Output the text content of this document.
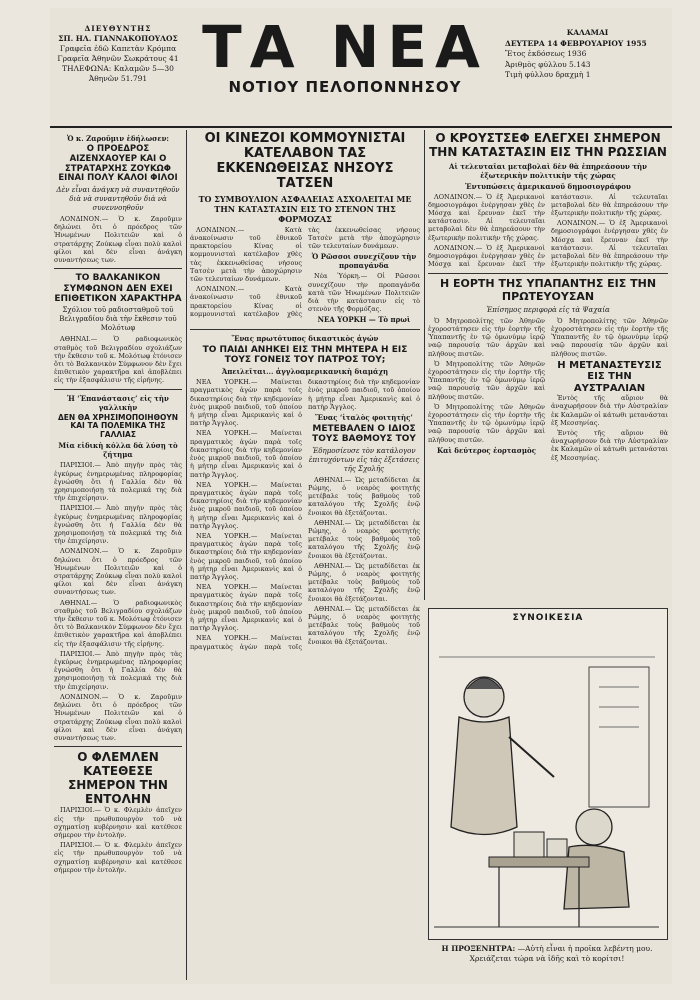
ΔΙΕΥΘΥΝΤΗΣ
ΣΠ. ΗΛ. ΓΙΑΝΝΑΚΟΠΟΥΛΟΣ
Γραφεῖα ἐδῶ Καπετὰν Κρόμπα
Γραφεῖα Ἀθηνῶν Σωκράτους 41
ΤΗΛΕΦΩΝΑ: Καλαμῶν 5—30
Ἀθηνῶν 51.791 ΤΑ ΝΕΑ
ΝΟΤΙΟΥ ΠΕΛΟΠΟΝΝΗΣΟΥ
ΚΑΛΑΜΑΙ
ΔΕΥΤΕΡΑ 14 ΦΕΒΡΟΥΑΡΙΟΥ 1955
Ἔτος ἐκδόσεως 1936
Ἀριθμὸς φύλλου 5.143
Τιμὴ φύλλου δραχμὴ 1
Ὁ κ. Ζαροῦμιν ἐδήλωσεν:
Ο ΠΡΟΕΔΡΟΣ ΑΙΖΕΝΧΑΟΥΕΡ ΚΑΙ Ο ΣΤΡΑΤΑΡΧΗΣ ΖΟΥΚΩΦ ΕΙΝΑΙ ΠΟΛΥ ΚΑΛΟΙ ΦΙΛΟΙ
Δὲν εἶναι ἀνάγκη νὰ συναντηθοῦν διὰ νὰ συναντηθοῦν διὰ νὰ συνεννοηθοῦν

ΛΟΝΔΙΝΟΝ.— Ὁ κ. Ζαροῦμιν δηλώνει ὅτι ὁ πρόεδρος τῶν Ἡνωμένων Πολιτειῶν καὶ ὁ στρατάρχης Ζούκωφ εἶναι πολὺ καλοὶ φίλοι καὶ δὲν εἶναι ἀνάγκη συναντήσεως των.

ΤΟ ΒΑΛΚΑΝΙΚΟΝ ΣΥΜΦΩΝΟΝ ΔΕΝ ΕΧΕΙ ΕΠΙΘΕΤΙΚΟΝ ΧΑΡΑΚΤΗΡΑ
Σχόλιον τοῦ ραδιοσταθμοῦ τοῦ Βελιγραδίου διὰ τὴν ἔκθεσιν τοῦ Μολότωφ

ΑΘΗΝΑΙ.— Ὁ ραδιοφωνικὸς σταθμὸς τοῦ Βελιγραδίου σχολιάζων τὴν ἔκθεσιν τοῦ κ. Μολότωφ ἐτόνισεν ὅτι τὸ Βαλκανικὸν Σύμφωνον δὲν ἔχει ἐπιθετικὸν χαρακτῆρα καὶ ἀποβλέπει εἰς τὴν ἐξασφάλισιν τῆς εἰρήνης.

Ἡ ‘Ἐπανάστασις’ εἰς τὴν γαλλικὴν
ΔΕΝ ΘΑ ΧΡΗΣΙΜΟΠΟΙΗΘΟΥΝ ΚΑΙ ΤΑ ΠΟΛΕΜΙΚΑ ΤΗΣ ΓΑΛΛΙΑΣ
Μία εἰδικὴ κόλλα δὰ λύσῃ τὸ ζήτημα

ΠΑΡΙΣΙΟΙ.— Ἀπὸ πηγὴν πρὸς τὰς ἐγκύρως ἐνημερωμένας πληροφορίας ἐγνώσθη ὅτι ἡ Γαλλία δὲν θὰ χρησιμοποιήσῃ τὰ πολεμικά της διὰ τὴν ἐπιχείρησιν.

ΠΑΡΙΣΙΟΙ.— Ἀπὸ πηγὴν πρὸς τὰς ἐγκύρως ἐνημερωμένας πληροφορίας ἐγνώσθη ὅτι ἡ Γαλλία δὲν θὰ χρησιμοποιήσῃ τὰ πολεμικά της διὰ τὴν ἐπιχείρησιν.

ΛΟΝΔΙΝΟΝ.— Ὁ κ. Ζαροῦμιν δηλώνει ὅτι ὁ πρόεδρος τῶν Ἡνωμένων Πολιτειῶν καὶ ὁ στρατάρχης Ζούκωφ εἶναι πολὺ καλοὶ φίλοι καὶ δὲν εἶναι ἀνάγκη συναντήσεως των.

ΑΘΗΝΑΙ.— Ὁ ραδιοφωνικὸς σταθμὸς τοῦ Βελιγραδίου σχολιάζων τὴν ἔκθεσιν τοῦ κ. Μολότωφ ἐτόνισεν ὅτι τὸ Βαλκανικὸν Σύμφωνον δὲν ἔχει ἐπιθετικὸν χαρακτῆρα καὶ ἀποβλέπει εἰς τὴν ἐξασφάλισιν τῆς εἰρήνης.

ΠΑΡΙΣΙΟΙ.— Ἀπὸ πηγὴν πρὸς τὰς ἐγκύρως ἐνημερωμένας πληροφορίας ἐγνώσθη ὅτι ἡ Γαλλία δὲν θὰ χρησιμοποιήσῃ τὰ πολεμικά της διὰ τὴν ἐπιχείρησιν.

ΛΟΝΔΙΝΟΝ.— Ὁ κ. Ζαροῦμιν δηλώνει ὅτι ὁ πρόεδρος τῶν Ἡνωμένων Πολιτειῶν καὶ ὁ στρατάρχης Ζούκωφ εἶναι πολὺ καλοὶ φίλοι καὶ δὲν εἶναι ἀνάγκη συναντήσεως των.

Ο ΦΛΕΜΛΕΝ ΚΑΤΕΘΕΣΕ ΣΗΜΕΡΟΝ ΤΗΝ ΕΝΤΟΛΗΝ

ΠΑΡΙΣΙΟΙ.— Ὁ κ. Φλεμλὲν ἀπεῖχεν εἰς τὴν πρωθυπουργὸν τοῦ νὰ σχηματίσῃ κυβέρνησιν καὶ κατέθεσε σήμερον τὴν ἐντολήν.

ΠΑΡΙΣΙΟΙ.— Ὁ κ. Φλεμλὲν ἀπεῖχεν εἰς τὴν πρωθυπουργὸν τοῦ νὰ σχηματίσῃ κυβέρνησιν καὶ κατέθεσε σήμερον τὴν ἐντολήν.

ΟΙ ΚΙΝΕΖΟΙ ΚΟΜΜΟΥΝΙΣΤΑΙ ΚΑΤΕΛΑΒΟΝ ΤΑΣ ΕΚΚΕΝΩΘΕΙΣΑΣ ΝΗΣΟΥΣ ΤΑΤΣΕΝ
ΤΟ ΣΥΜΒΟΥΛΙΟΝ ΑΣΦΑΛΕΙΑΣ ΑΣΧΟΛΕΙΤΑΙ ΜΕ ΤΗΝ ΚΑΤΑΣΤΑΣΙΝ ΕΙΣ ΤΟ ΣΤΕΝΟΝ ΤΗΣ ΦΟΡΜΟΖΑΣ

ΛΟΝΔΙΝΟΝ.— Κατὰ ἀνακοίνωσιν τοῦ ἐθνικοῦ πρακτορείου Κίνας οἱ κομμουνισταὶ κατέλαβον χθὲς τὰς ἐκκενωθείσας νήσους Τατσὲν μετὰ τὴν ἀποχώρησιν τῶν τελευταίων δυνάμεων.

ΛΟΝΔΙΝΟΝ.— Κατὰ ἀνακοίνωσιν τοῦ ἐθνικοῦ πρακτορείου Κίνας οἱ κομμουνισταὶ κατέλαβον χθὲς τὰς ἐκκενωθείσας νήσους Τατσὲν μετὰ τὴν ἀποχώρησιν τῶν τελευταίων δυνάμεων.

Ὁ Ρῶσσοι συνεχίζουν τὴν προπαγάνδα

Νέα Ὑόρκη.— Οἱ Ρῶσσοι συνεχίζουν τὴν προπαγάνδα κατὰ τῶν Ἡνωμένων Πολιτειῶν διὰ τὴν κατάστασιν εἰς τὸ στενὸν τῆς Φορμόζας.

ΝΕΑ ΥΟΡΚΗ — Τὸ πρωὶ
Ἕνας πρωτότυπος δικαστικὸς ἀγών
ΤΟ ΠΑΙΔΙ ΑΝΗΚΕΙ ΕΙΣ ΤΗΝ ΜΗΤΕΡΑ Η ΕΙΣ ΤΟΥΣ ΓΟΝΕΙΣ ΤΟΥ ΠΑΤΡΟΣ ΤΟΥ;
Ἀπειλεῖται... ἀγγλοαμερικανικὴ διαμάχη

ΝΕΑ ΥΟΡΚΗ.— Μαίνεται πραγματικὸς ἀγὼν παρὰ τοῖς δικαστηρίοις διὰ τὴν κηδεμονίαν ἑνὸς μικροῦ παιδιοῦ, τοῦ ὁποίου ἡ μήτηρ εἶναι Ἀμερικανὶς καὶ ὁ πατὴρ Ἄγγλος.

ΝΕΑ ΥΟΡΚΗ.— Μαίνεται πραγματικὸς ἀγὼν παρὰ τοῖς δικαστηρίοις διὰ τὴν κηδεμονίαν ἑνὸς μικροῦ παιδιοῦ, τοῦ ὁποίου ἡ μήτηρ εἶναι Ἀμερικανὶς καὶ ὁ πατὴρ Ἄγγλος.

ΝΕΑ ΥΟΡΚΗ.— Μαίνεται πραγματικὸς ἀγὼν παρὰ τοῖς δικαστηρίοις διὰ τὴν κηδεμονίαν ἑνὸς μικροῦ παιδιοῦ, τοῦ ὁποίου ἡ μήτηρ εἶναι Ἀμερικανὶς καὶ ὁ πατὴρ Ἄγγλος.

ΝΕΑ ΥΟΡΚΗ.— Μαίνεται πραγματικὸς ἀγὼν παρὰ τοῖς δικαστηρίοις διὰ τὴν κηδεμονίαν ἑνὸς μικροῦ παιδιοῦ, τοῦ ὁποίου ἡ μήτηρ εἶναι Ἀμερικανὶς καὶ ὁ πατὴρ Ἄγγλος.

ΝΕΑ ΥΟΡΚΗ.— Μαίνεται πραγματικὸς ἀγὼν παρὰ τοῖς δικαστηρίοις διὰ τὴν κηδεμονίαν ἑνὸς μικροῦ παιδιοῦ, τοῦ ὁποίου ἡ μήτηρ εἶναι Ἀμερικανὶς καὶ ὁ πατὴρ Ἄγγλος.

ΝΕΑ ΥΟΡΚΗ.— Μαίνεται πραγματικὸς ἀγὼν παρὰ τοῖς δικαστηρίοις διὰ τὴν κηδεμονίαν ἑνὸς μικροῦ παιδιοῦ, τοῦ ὁποίου ἡ μήτηρ εἶναι Ἀμερικανὶς καὶ ὁ πατὴρ Ἄγγλος.

Ἕνας ‘ἰταλὸς φοιτητὴς’
ΜΕΤΕΒΑΛΕΝ Ο ΙΔΙΟΣ ΤΟΥΣ ΒΑΘΜΟΥΣ ΤΟΥ
Ἐδημοσίευσε τὸν κατάλογον ἐπιτυχόντων εἰς τὰς ἐξετάσεις τῆς Σχολῆς

ΑΘΗΝΑΙ.— Ὡς μεταδίδεται ἐκ Ρώμης, ὁ νεαρὸς φοιτητὴς μετέβαλε τοὺς βαθμοὺς τοῦ καταλόγου τῆς Σχολῆς ἐνῷ ἔνοικοι θὰ ἐξετάζονται.

ΑΘΗΝΑΙ.— Ὡς μεταδίδεται ἐκ Ρώμης, ὁ νεαρὸς φοιτητὴς μετέβαλε τοὺς βαθμοὺς τοῦ καταλόγου τῆς Σχολῆς ἐνῷ ἔνοικοι θὰ ἐξετάζονται.

ΑΘΗΝΑΙ.— Ὡς μεταδίδεται ἐκ Ρώμης, ὁ νεαρὸς φοιτητὴς μετέβαλε τοὺς βαθμοὺς τοῦ καταλόγου τῆς Σχολῆς ἐνῷ ἔνοικοι θὰ ἐξετάζονται.

ΑΘΗΝΑΙ.— Ὡς μεταδίδεται ἐκ Ρώμης, ὁ νεαρὸς φοιτητὴς μετέβαλε τοὺς βαθμοὺς τοῦ καταλόγου τῆς Σχολῆς ἐνῷ ἔνοικοι θὰ ἐξετάζονται.

Ο ΚΡΟΥΣΤΣΕΦ ΕΛΕΓΧΕΙ ΣΗΜΕΡΟΝ ΤΗΝ ΚΑΤΑΣΤΑΣΙΝ ΕΙΣ ΤΗΝ ΡΩΣΣΙΑΝ
Αἱ τελευταῖαι μεταβολαὶ δὲν θὰ ἐπηρεάσουν τὴν ἐξωτερικὴν πολιτικὴν τῆς χώρας
Ἐντυπώσεις ἀμερικανοῦ δημοσιογράφου

ΛΟΝΔΙΝΟΝ.— Ὁ ἐξ Ἀμερικανοὶ δημοσιογράφοι ἐνέργησαν χθὲς ἐν Μόσχᾳ καὶ ἔρευναν ἐκεῖ τὴν κατάστασιν. Αἱ τελευταῖαι μεταβολαὶ δὲν θὰ ἐπηρεάσουν τὴν ἐξωτερικὴν πολιτικὴν τῆς χώρας.

ΛΟΝΔΙΝΟΝ.— Ὁ ἐξ Ἀμερικανοὶ δημοσιογράφοι ἐνέργησαν χθὲς ἐν Μόσχᾳ καὶ ἔρευναν ἐκεῖ τὴν κατάστασιν. Αἱ τελευταῖαι μεταβολαὶ δὲν θὰ ἐπηρεάσουν τὴν ἐξωτερικὴν πολιτικὴν τῆς χώρας.

ΛΟΝΔΙΝΟΝ.— Ὁ ἐξ Ἀμερικανοὶ δημοσιογράφοι ἐνέργησαν χθὲς ἐν Μόσχᾳ καὶ ἔρευναν ἐκεῖ τὴν κατάστασιν. Αἱ τελευταῖαι μεταβολαὶ δὲν θὰ ἐπηρεάσουν τὴν ἐξωτερικὴν πολιτικὴν τῆς χώρας.

Η ΕΟΡΤΗ ΤΗΣ ΥΠΑΠΑΝΤΗΣ ΕΙΣ ΤΗΝ ΠΡΩΤΕΥΟΥΣΑΝ
Ἐπίσημος περιφορὰ εἰς τὰ Ψαχαία

Ὁ Μητροπολίτης τῶν Ἀθηνῶν ἐχοροστάτησεν εἰς τὴν ἑορτὴν τῆς Ὑπαπαντῆς ἐν τῷ ὁμωνύμῳ ἱερῷ ναῷ παρουσίᾳ τῶν ἀρχῶν καὶ πλήθους πιστῶν.

Ὁ Μητροπολίτης τῶν Ἀθηνῶν ἐχοροστάτησεν εἰς τὴν ἑορτὴν τῆς Ὑπαπαντῆς ἐν τῷ ὁμωνύμῳ ἱερῷ ναῷ παρουσίᾳ τῶν ἀρχῶν καὶ πλήθους πιστῶν.

Ὁ Μητροπολίτης τῶν Ἀθηνῶν ἐχοροστάτησεν εἰς τὴν ἑορτὴν τῆς Ὑπαπαντῆς ἐν τῷ ὁμωνύμῳ ἱερῷ ναῷ παρουσίᾳ τῶν ἀρχῶν καὶ πλήθους πιστῶν.

Καὶ δεύτερος ἑορτασμὸς

Ὁ Μητροπολίτης τῶν Ἀθηνῶν ἐχοροστάτησεν εἰς τὴν ἑορτὴν τῆς Ὑπαπαντῆς ἐν τῷ ὁμωνύμῳ ἱερῷ ναῷ παρουσίᾳ τῶν ἀρχῶν καὶ πλήθους πιστῶν.

Η ΜΕΤΑΝΑΣΤΕΥΣΙΣ ΕΙΣ ΤΗΝ ΑΥΣΤΡΑΛΙΑΝ

Ἐντὸς τῆς αὔριον θὰ ἀναχωρήσουν διὰ τὴν Αὐστραλίαν ἐκ Καλαμῶν οἱ κάτωθι μετανάσται ἐξ Μεσσηνίας.

Ἐντὸς τῆς αὔριον θὰ ἀναχωρήσουν διὰ τὴν Αὐστραλίαν ἐκ Καλαμῶν οἱ κάτωθι μετανάσται ἐξ Μεσσηνίας.

ΣΥΝΟΙΚΕΣΙΑ
Η ΠΡΟΞΕΝΗΤΡΑ: —Αὐτὴ εἶναι ἡ προῖκα λεβέντη μου. Χρειάζεται τώρα νὰ ἰδῆς καὶ τὸ κορίτσι!
